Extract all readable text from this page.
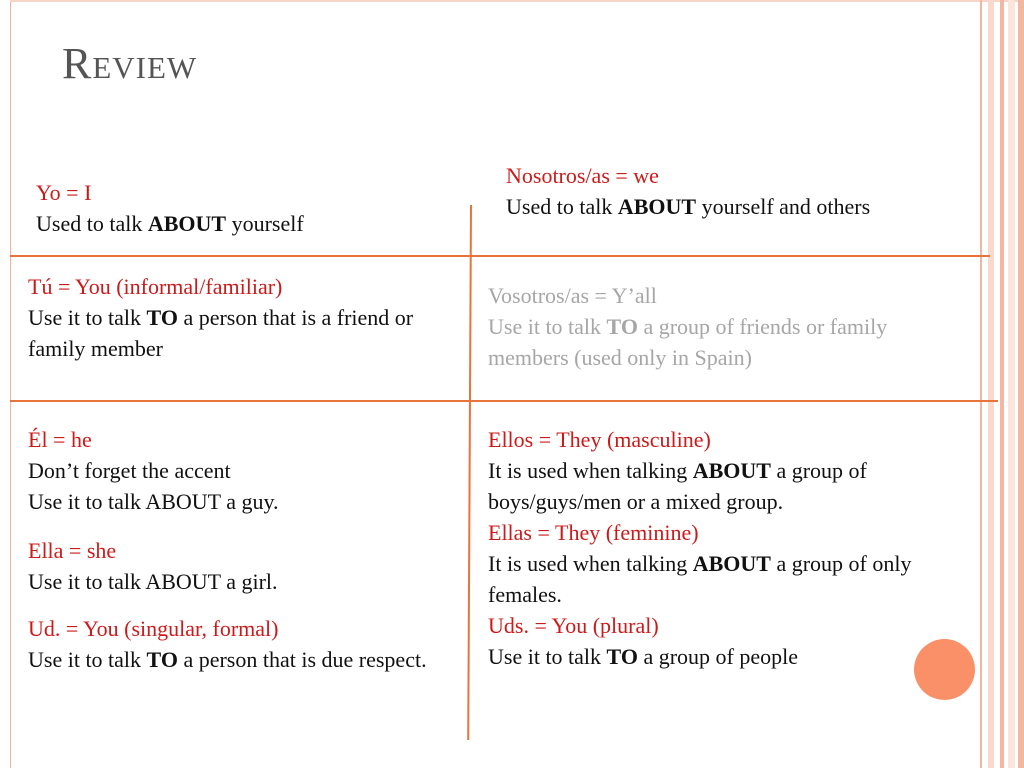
Review

Yo = I

Used to talk ABOUT yourself

Nosotros/as = we

Used to talk ABOUT yourself and others

Tú = You (informal/familiar)

Use it to talk TO a person that is a friend or family member

Vosotros/as = Y’all

Use it to talk TO a group of friends or family members (used only in Spain)

Él = he

Don’t forget the accent

Use it to talk ABOUT a guy.

Ella = she

Use it to talk ABOUT a girl.

Ud. = You (singular, formal)

Use it to talk TO a person that is due respect.

Ellos = They (masculine)

It is used when talking ABOUT a group of boys/guys/men or a mixed group.

Ellas = They (feminine)

It is used when talking ABOUT a group of only females.

Uds. = You (plural)

Use it to talk TO a group of people
